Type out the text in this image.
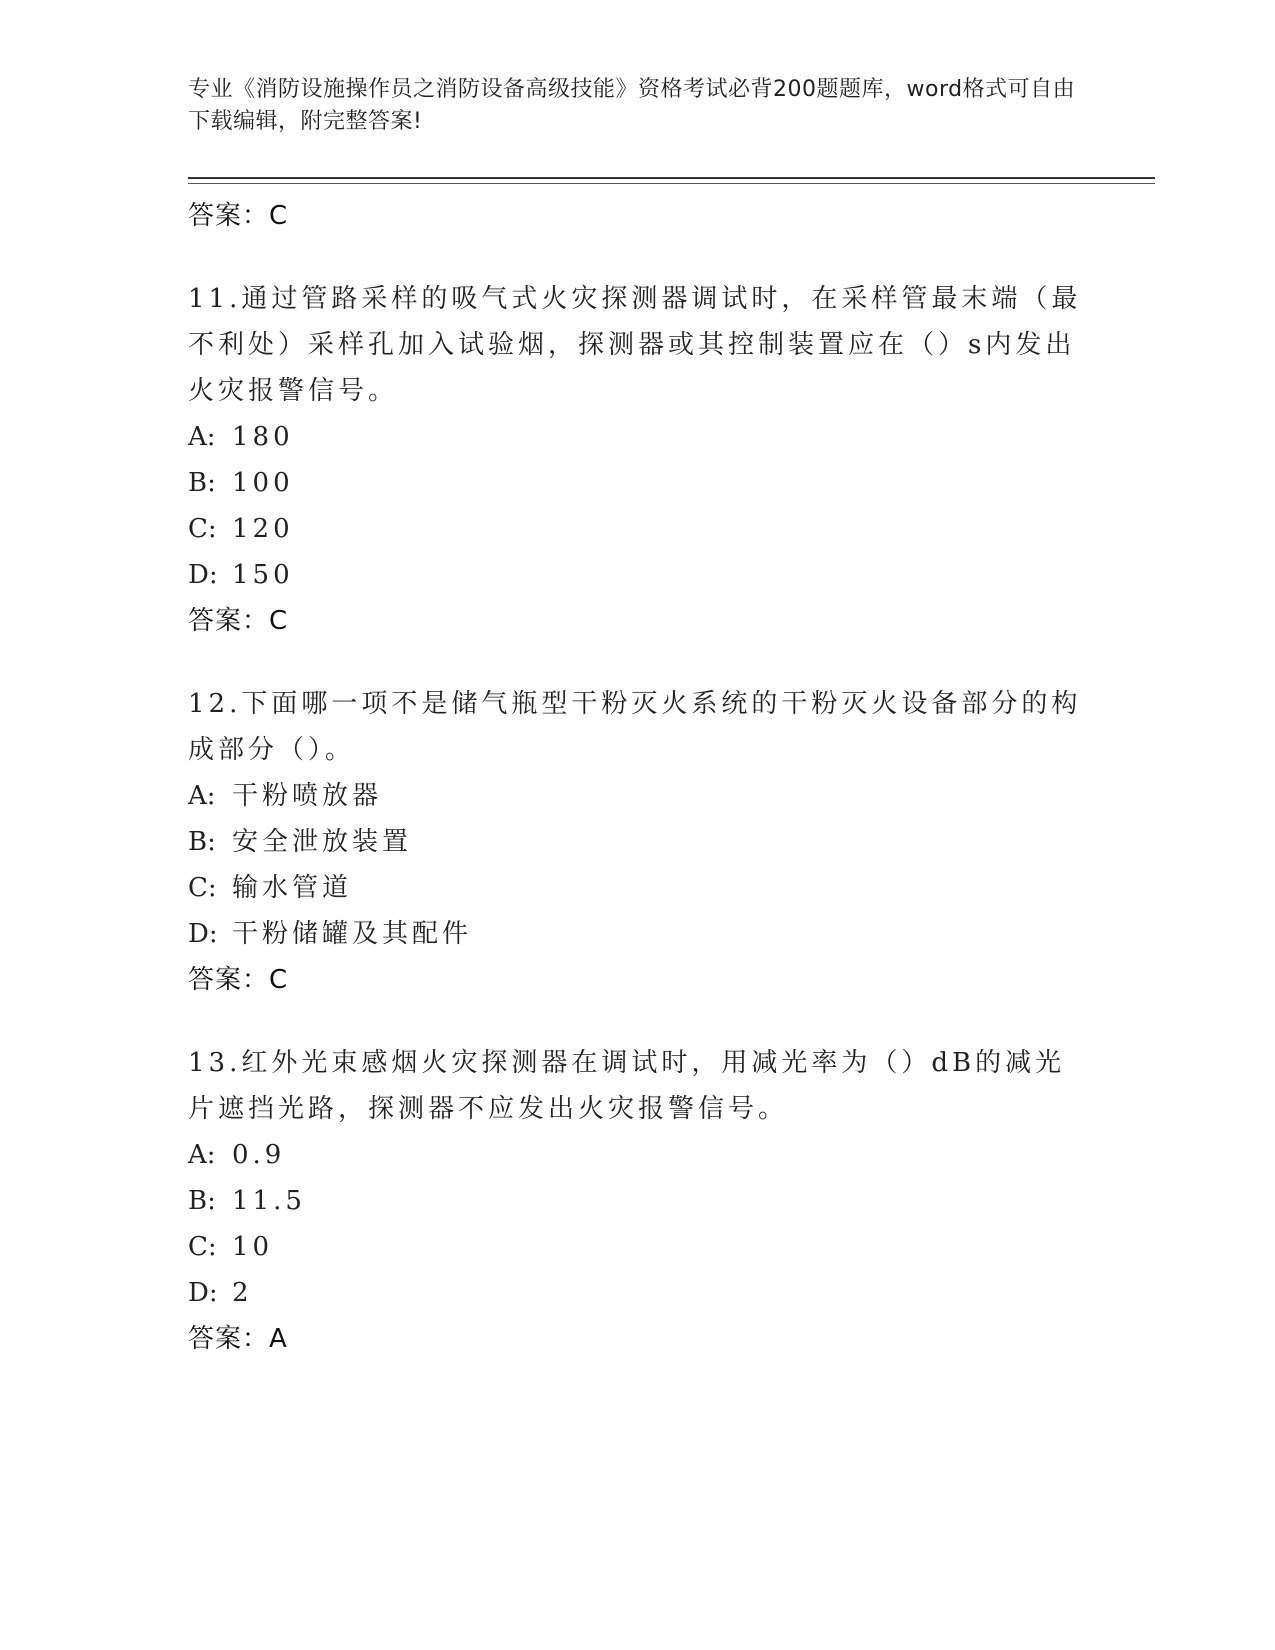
专业《消防设施操作员之消防设备高级技能》资格考试必背200题题库，word格式可自由下载编辑，附完整答案!
答案：C
11.通过管路采样的吸气式火灾探测器调试时，在采样管最末端（最不利处）采样孔加入试验烟，探测器或其控制装置应在（）s内发出火灾报警信号。
A: 180
B: 100
C: 120
D: 150
答案：C
12.下面哪一项不是储气瓶型干粉灭火系统的干粉灭火设备部分的构成部分（）。
A: 干粉喷放器
B: 安全泄放装置
C: 输水管道
D: 干粉储罐及其配件
答案：C
13.红外光束感烟火灾探测器在调试时，用减光率为（）dB的减光片遮挡光路，探测器不应发出火灾报警信号。
A: 0.9
B: 11.5
C: 10
D: 2
答案：A
